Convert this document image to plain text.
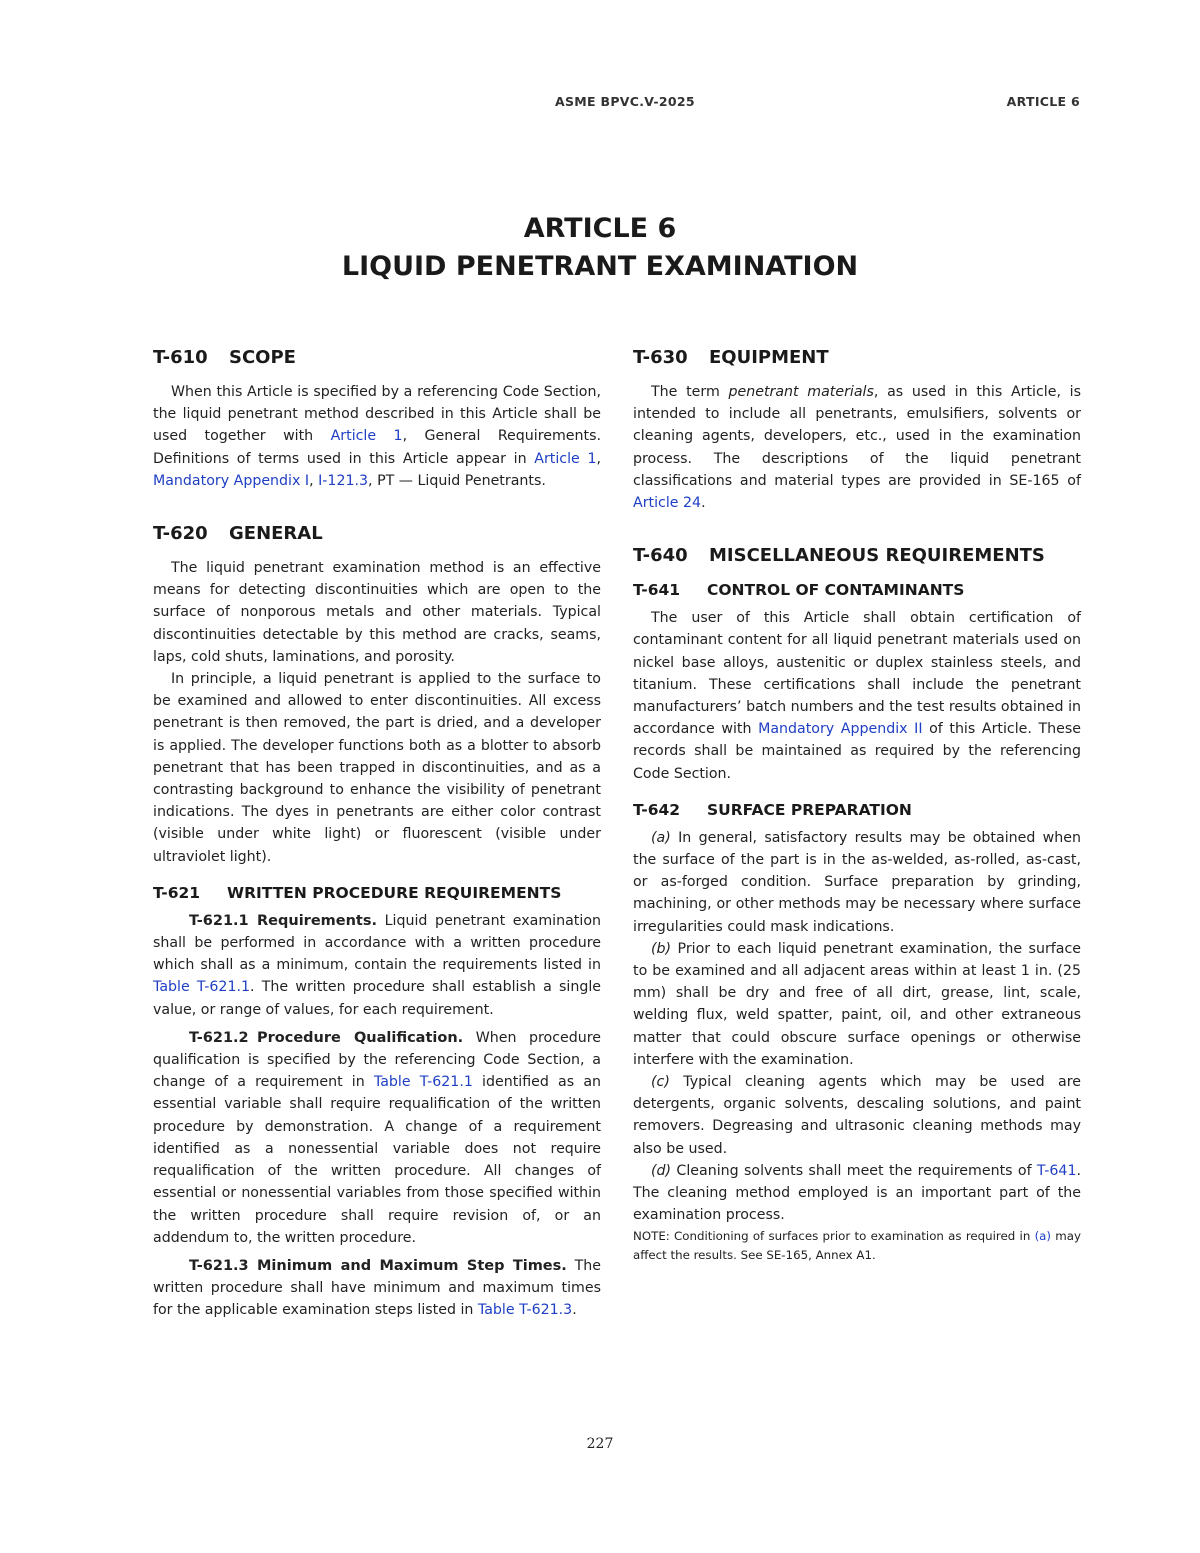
ASME BPVC.V-2025	ARTICLE 6
ARTICLE 6
LIQUID PENETRANT EXAMINATION
T-610 SCOPE

When this Article is specified by a referencing Code Section, the liquid penetrant method described in this Article shall be used together with Article 1, General Requirements. Definitions of terms used in this Article appear in Article 1, Mandatory Appendix I, I-121.3, PT — Liquid Penetrants.

T-620 GENERAL

The liquid penetrant examination method is an effective means for detecting discontinuities which are open to the surface of nonporous metals and other materials. Typical discontinuities detectable by this method are cracks, seams, laps, cold shuts, laminations, and porosity.

In principle, a liquid penetrant is applied to the surface to be examined and allowed to enter discontinuities. All excess penetrant is then removed, the part is dried, and a developer is applied. The developer functions both as a blotter to absorb penetrant that has been trapped in discontinuities, and as a contrasting background to enhance the visibility of penetrant indications. The dyes in penetrants are either color contrast (visible under white light) or fluorescent (visible under ultraviolet light).

T-621 WRITTEN PROCEDURE REQUIREMENTS

T-621.1 Requirements. Liquid penetrant examination shall be performed in accordance with a written procedure which shall as a minimum, contain the requirements listed in Table T-621.1. The written procedure shall establish a single value, or range of values, for each requirement.

T-621.2 Procedure Qualification. When procedure qualification is specified by the referencing Code Section, a change of a requirement in Table T-621.1 identified as an essential variable shall require requalification of the written procedure by demonstration. A change of a requirement identified as a nonessential variable does not require requalification of the written procedure. All changes of essential or nonessential variables from those specified within the written procedure shall require revision of, or an addendum to, the written procedure.

T-621.3 Minimum and Maximum Step Times. The written procedure shall have minimum and maximum times for the applicable examination steps listed in Table T-621.3.

T-630 EQUIPMENT

The term penetrant materials, as used in this Article, is intended to include all penetrants, emulsifiers, solvents or cleaning agents, developers, etc., used in the examination process. The descriptions of the liquid penetrant classifications and material types are provided in SE-165 of Article 24.

T-640 MISCELLANEOUS REQUIREMENTS
T-641 CONTROL OF CONTAMINANTS

The user of this Article shall obtain certification of contaminant content for all liquid penetrant materials used on nickel base alloys, austenitic or duplex stainless steels, and titanium. These certifications shall include the penetrant manufacturers’ batch numbers and the test results obtained in accordance with Mandatory Appendix II of this Article. These records shall be maintained as required by the referencing Code Section.

T-642 SURFACE PREPARATION

(a) In general, satisfactory results may be obtained when the surface of the part is in the as-welded, as-rolled, as-cast, or as-forged condition. Surface preparation by grinding, machining, or other methods may be necessary where surface irregularities could mask indications.

(b) Prior to each liquid penetrant examination, the surface to be examined and all adjacent areas within at least 1 in. (25 mm) shall be dry and free of all dirt, grease, lint, scale, welding flux, weld spatter, paint, oil, and other extraneous matter that could obscure surface openings or otherwise interfere with the examination.

(c) Typical cleaning agents which may be used are detergents, organic solvents, descaling solutions, and paint removers. Degreasing and ultrasonic cleaning methods may also be used.

(d) Cleaning solvents shall meet the requirements of T-641. The cleaning method employed is an important part of the examination process.

NOTE: Conditioning of surfaces prior to examination as required in (a) may affect the results. See SE-165, Annex A1.

227
